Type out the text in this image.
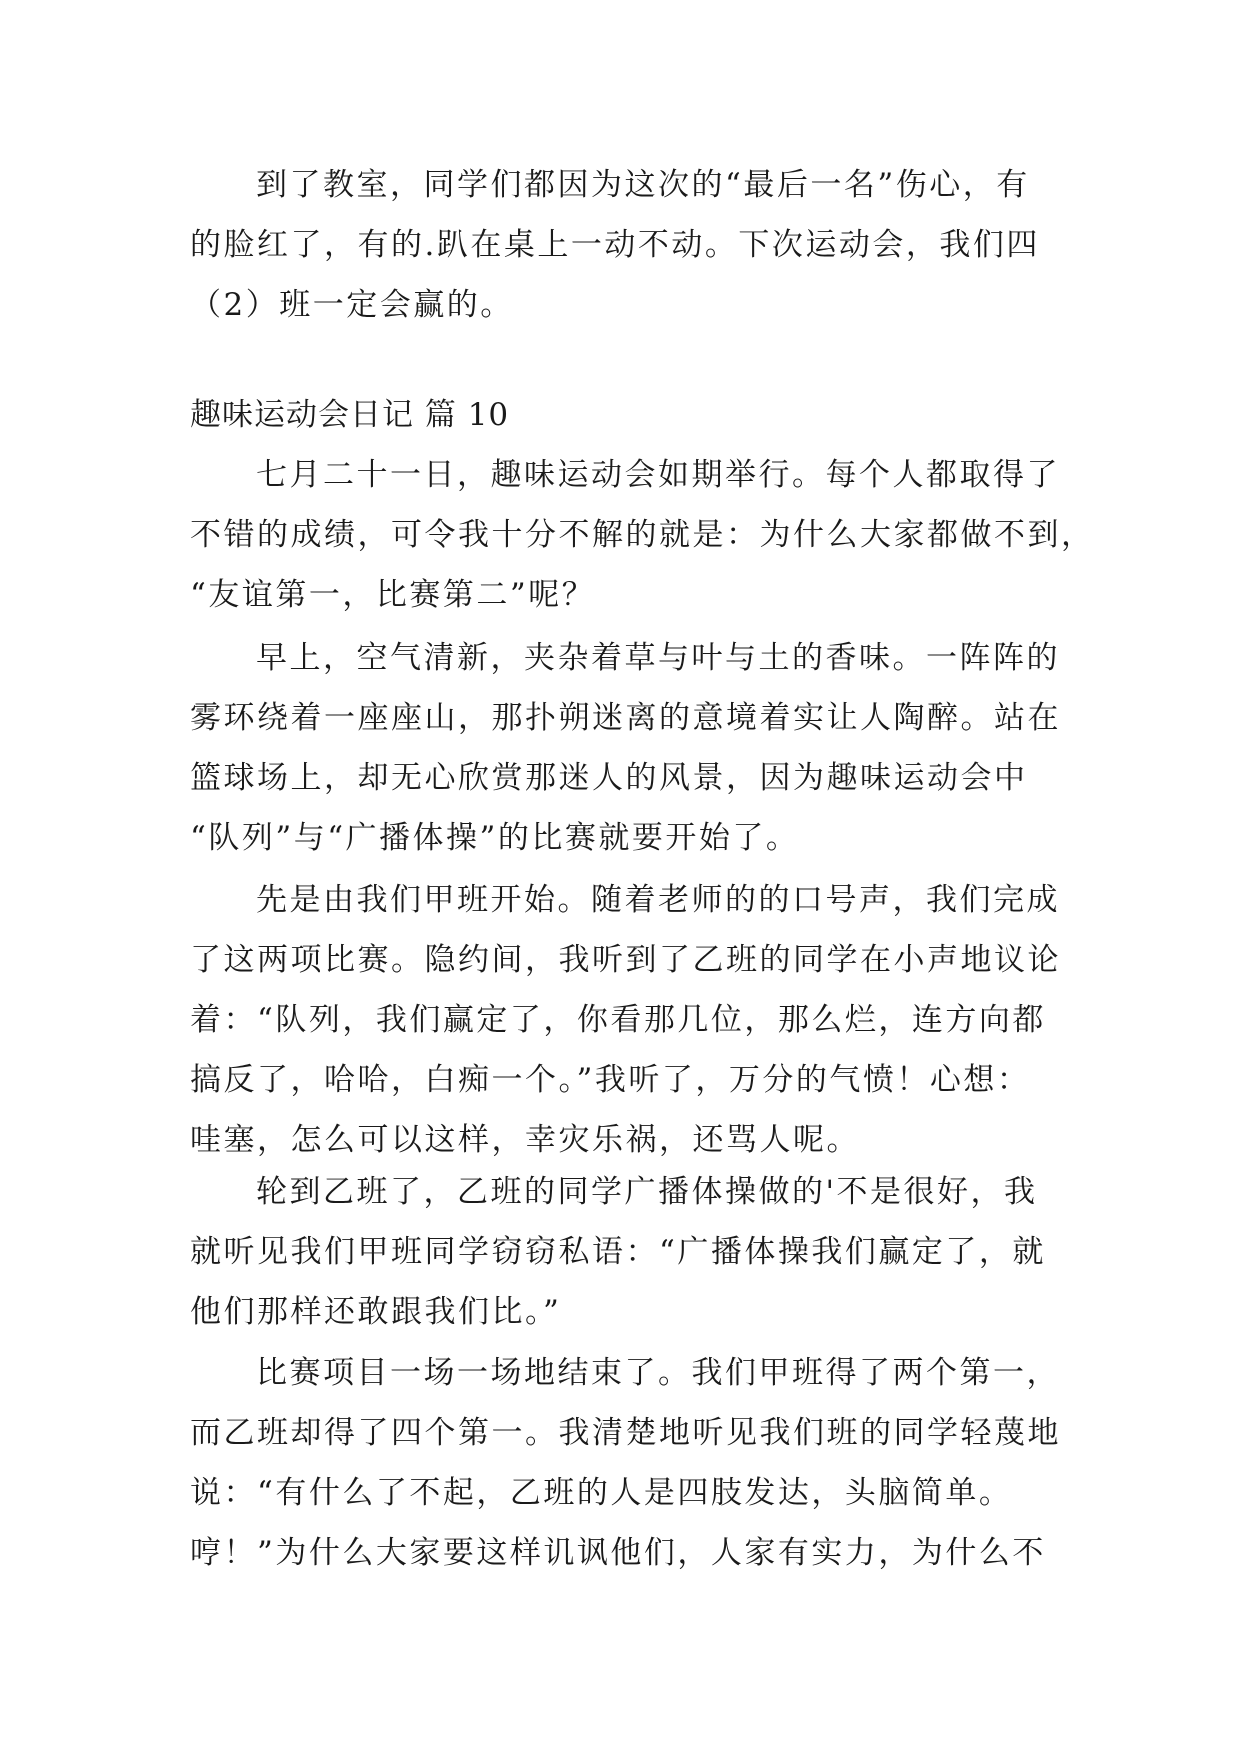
到了教室，同学们都因为这次的“最后一名”伤心，有
的脸红了，有的.趴在桌上一动不动。下次运动会，我们四
（2）班一定会赢的。
趣味运动会日记 篇 10
七月二十一日，趣味运动会如期举行。每个人都取得了
不错的成绩，可令我十分不解的就是：为什么大家都做不到，
“友谊第一，比赛第二”呢？
早上，空气清新，夹杂着草与叶与土的香味。一阵阵的
雾环绕着一座座山，那扑朔迷离的意境着实让人陶醉。站在
篮球场上，却无心欣赏那迷人的风景，因为趣味运动会中
“队列”与“广播体操”的比赛就要开始了。
先是由我们甲班开始。随着老师的的口号声，我们完成
了这两项比赛。隐约间，我听到了乙班的同学在小声地议论
着：“队列，我们赢定了，你看那几位，那么烂，连方向都
搞反了，哈哈，白痴一个。”我听了，万分的气愤！心想：
哇塞，怎么可以这样，幸灾乐祸，还骂人呢。
轮到乙班了，乙班的同学广播体操做的'不是很好，我
就听见我们甲班同学窃窃私语：“广播体操我们赢定了，就
他们那样还敢跟我们比。”
比赛项目一场一场地结束了。我们甲班得了两个第一，
而乙班却得了四个第一。我清楚地听见我们班的同学轻蔑地
说：“有什么了不起，乙班的人是四肢发达，头脑简单。
哼！”为什么大家要这样讥讽他们，人家有实力，为什么不
